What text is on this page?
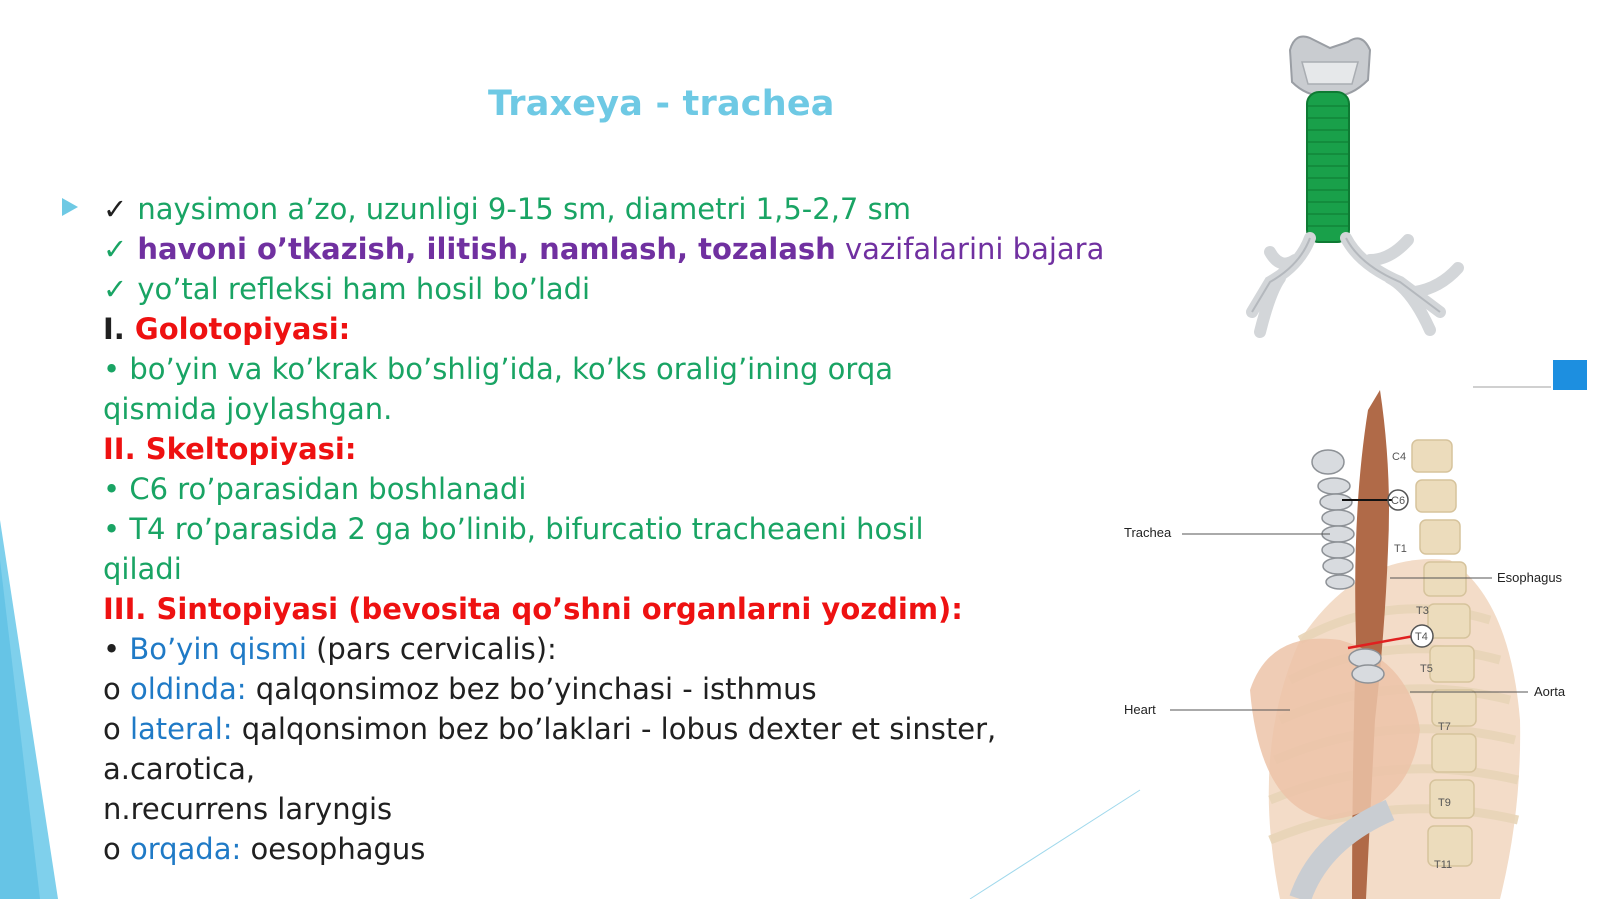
Traxeya - trachea
✓ naysimon a’zo, uzunligi 9-15 sm, diametri 1,5-2,7 sm
✓ havoni o’tkazish, ilitish, namlash, tozalash vazifalarini bajara
✓ yo’tal refleksi ham hosil bo’ladi
I. Golotopiyasi:
• bo’yin va ko’krak bo’shlig’ida, ko’ks oralig’ining orqa
qismida joylashgan.
II. Skeltopiyasi:
• C6 ro’parasidan boshlanadi
• T4 ro’parasida 2 ga bo’linib, bifurcatio tracheaeni hosil
qiladi
III. Sintopiyasi (bevosita qo’shni organlarni yozdim):
• Bo’yin qismi (pars cervicalis):
o oldinda: qalqonsimoz bez bo’yinchasi - isthmus
o lateral: qalqonsimon bez bo’laklari - lobus dexter et sinster,
a.carotica,
n.recurrens laryngis
o orqada: oesophagus
Trachea
Esophagus
Heart
Aorta
C4
C6
T1
T3
T4
T5
T7
T9
T11
